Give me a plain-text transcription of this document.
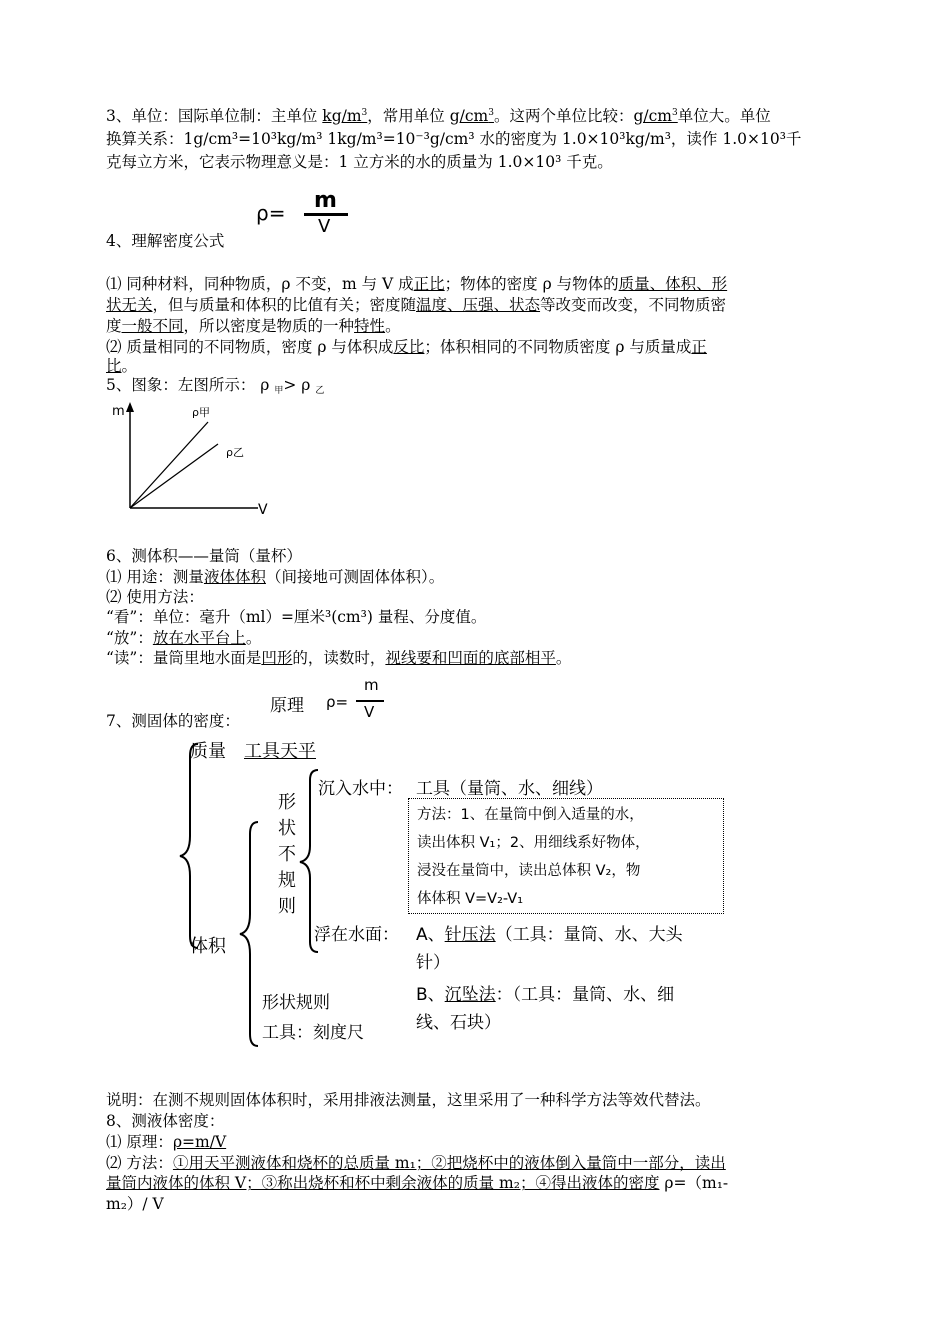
3、单位：国际单位制：主单位 $kg/m^3$，常用单位 $g/cm^3$。这两个单位比较：$g/cm^3$单位大。单位
换算关系：1g/cm³=10³kg/m³ 1kg/m³=10⁻³g/cm³ 水的密度为 1.0×10³kg/m³，读作 1.0×10³千
克每立方米，它表示物理意义是：1 立方米的水的质量为 1.0×10³ 千克。
ρ= m
V
4、理解密度公式
⑴ 同种材料，同种物质，ρ 不变，m 与 V 成正比；物体的密度 ρ 与物体的质量、体积、形
状无关，但与质量和体积的比值有关；密度随温度、压强、状态等改变而改变，不同物质密
度一般不同，所以密度是物质的一种特性。
⑵ 质量相同的不同物质，密度 ρ 与体积成反比；体积相同的不同物质密度 ρ 与质量成正
比。
5、图象：左图所示： ρ $_甲$> ρ $_乙$
m
V
ρ甲
ρ乙
6、测体积——量筒（量杯）
⑴ 用途：测量液体体积（间接地可测固体体积）。
⑵ 使用方法：
“看”：单位：毫升（ml）=厘米³(cm³) 量程、分度值。
“放”：放在水平台上。
“读”：量筒里地水面是凹形的，读数时，视线要和凹面的底部相平。
原理 ρ=
m
V
7、测固体的密度：
质量 工具天平
体积
形
状
不
规
则
沉入水中： 工具（量筒、水、细线）
方法：1、在量筒中倒入适量的水，
读出体积 V₁；2、用细线系好物体，
浸没在量筒中，读出总体积 V₂，物
体体积 V=V₂-V₁
浮在水面： A、针压法（工具：量筒、水、大头
针）
B、沉坠法：（工具：量筒、水、细
线、石块）
形状规则
工具：刻度尺
说明：在测不规则固体体积时，采用排液法测量，这里采用了一种科学方法等效代替法。
8、测液体密度：
⑴ 原理：ρ=m/V
⑵ 方法：①用天平测液体和烧杯的总质量 m₁；②把烧杯中的液体倒入量筒中一部分，读出
量筒内液体的体积 V；③称出烧杯和杯中剩余液体的质量 m₂；④得出液体的密度 ρ=（m₁-
m₂）/ V
